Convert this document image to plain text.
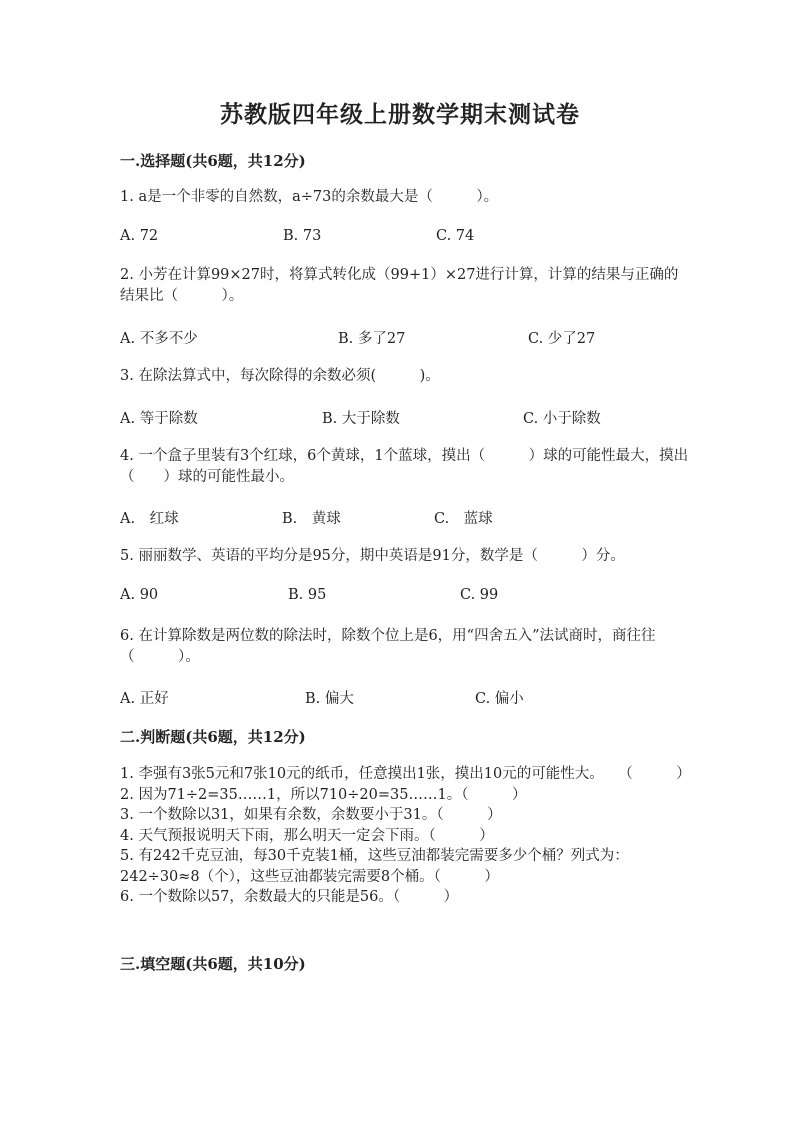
苏教版四年级上册数学期末测试卷
一.选择题(共6题，共12分)
1. a是一个非零的自然数，a÷73的余数最大是（　　　）。
A. 72	B. 73	C. 74
2. 小芳在计算99×27时，将算式转化成（99+1）×27进行计算，计算的结果与正确的结果比（　　　）。
A. 不多不少	B. 多了27	C. 少了27
3. 在除法算式中，每次除得的余数必须(　　　)。
A. 等于除数	B. 大于除数	C. 小于除数
4. 一个盒子里装有3个红球，6个黄球，1个蓝球，摸出（　　　）球的可能性最大，摸出（　　）球的可能性最小。
A.　红球	B.　黄球	C.　蓝球
5. 丽丽数学、英语的平均分是95分，期中英语是91分，数学是（　　　）分。
A. 90	B. 95	C. 99
6. 在计算除数是两位数的除法时，除数个位上是6，用“四舍五入”法试商时，商往往（　　　）。
A. 正好	B. 偏大	C. 偏小
二.判断题(共6题，共12分)
1. 李强有3张5元和7张10元的纸币，任意摸出1张，摸出10元的可能性大。　　（　　　）
2. 因为71÷2=35……1，所以710÷20=35……1。（　　　）
3. 一个数除以31，如果有余数，余数要小于31。（　　　）
4. 天气预报说明天下雨，那么明天一定会下雨。（　　　）
5. 有242千克豆油，每30千克装1桶，这些豆油都装完需要多少个桶？列式为：242÷30≈8（个），这些豆油都装完需要8个桶。（　　　）
6. 一个数除以57，余数最大的只能是56。（　　　）
三.填空题(共6题，共10分)
